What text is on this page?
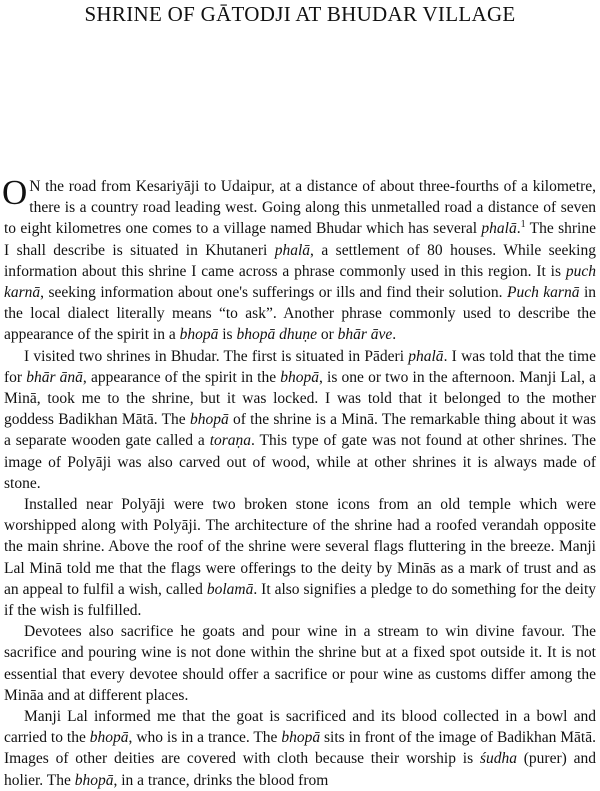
SHRINE OF GĀTODJI AT BHUDAR VILLAGE

O N the road from Kesariyāji to Udaipur, at a distance of about three-fourths of a kilometre, there is a country road leading west. Going along this unmetalled road a distance of seven to eight kilometres one comes to a village named Bhudar which has several phalā.$^1$ The shrine I shall describe is situated in Khutaneri phalā, a settlement of 80 houses. While seeking information about this shrine I came across a phrase commonly used in this region. It is puch karnā, seeking information about one's sufferings or ills and find their solution. Puch karnā in the local dialect literally means “to ask”. Another phrase commonly used to describe the appearance of the spirit in a bhopā is bhopā dhuṇe or bhār āve.

I visited two shrines in Bhudar. The first is situated in Pāderi phalā. I was told that the time for bhār ānā, appearance of the spirit in the bhopā, is one or two in the afternoon. Manji Lal, a Minā, took me to the shrine, but it was locked. I was told that it belonged to the mother goddess Badikhan Mātā. The bhopā of the shrine is a Minā. The remarkable thing about it was a separate wooden gate called a toraṇa. This type of gate was not found at other shrines. The image of Polyāji was also carved out of wood, while at other shrines it is always made of stone.

Installed near Polyāji were two broken stone icons from an old temple which were worshipped along with Polyāji. The architecture of the shrine had a roofed verandah opposite the main shrine. Above the roof of the shrine were several flags fluttering in the breeze. Manji Lal Minā told me that the flags were offerings to the deity by Minās as a mark of trust and as an appeal to fulfil a wish, called bolamā. It also signifies a pledge to do something for the deity if the wish is fulfilled.

Devotees also sacrifice he goats and pour wine in a stream to win divine favour. The sacrifice and pouring wine is not done within the shrine but at a fixed spot outside it. It is not essential that every devotee should offer a sacrifice or pour wine as customs differ among the Mināa and at different places.

Manji Lal informed me that the goat is sacrificed and its blood collected in a bowl and carried to the bhopā, who is in a trance. The bhopā sits in front of the image of Badikhan Mātā. Images of other deities are covered with cloth because their worship is śudha (purer) and holier. The bhopā, in a trance, drinks the blood from
